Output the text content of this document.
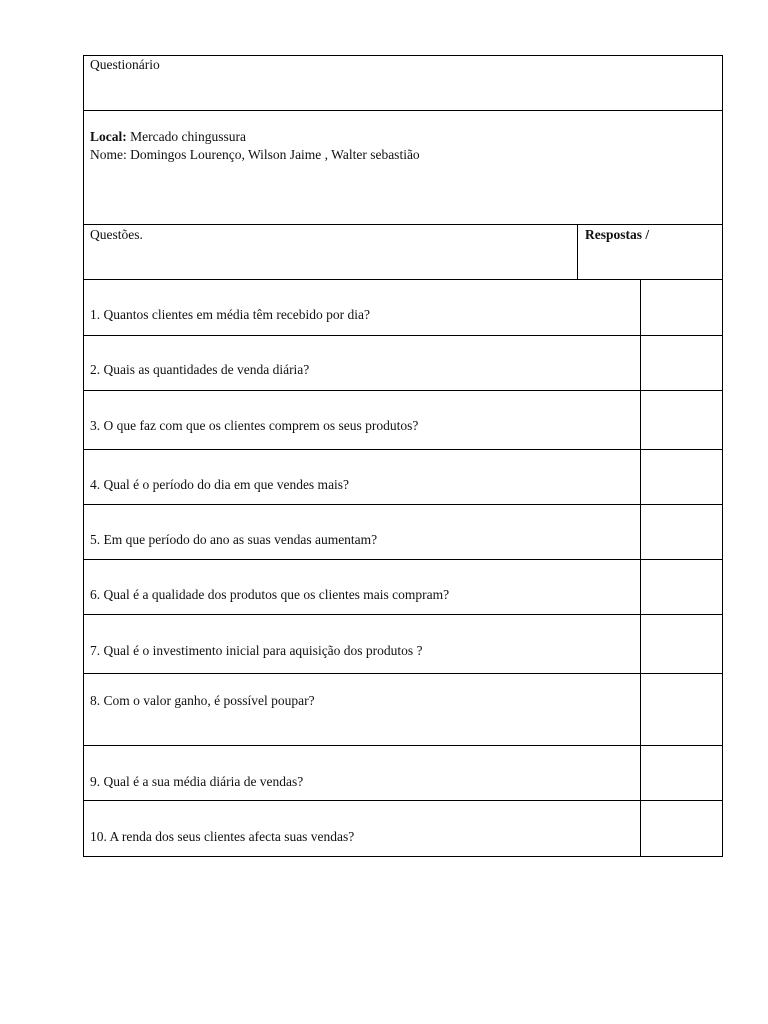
Questionário
Local: Mercado chingussura
Nome: Domingos Lourenço, Wilson Jaime , Walter sebastião
Questões.	Respostas /
1. Quantos clientes em média têm recebido por dia?
2. Quais as quantidades de venda diária?
3. O que faz com que os clientes comprem os seus produtos?
4. Qual é o período do dia em que vendes mais?
5. Em que período do ano as suas vendas aumentam?
6. Qual é a qualidade dos produtos que os clientes mais compram?
7. Qual é o investimento inicial para aquisição dos produtos ?
8. Com o valor ganho, é possível poupar?
9. Qual é a sua média diária de vendas?
10. A renda dos seus clientes afecta suas vendas?
